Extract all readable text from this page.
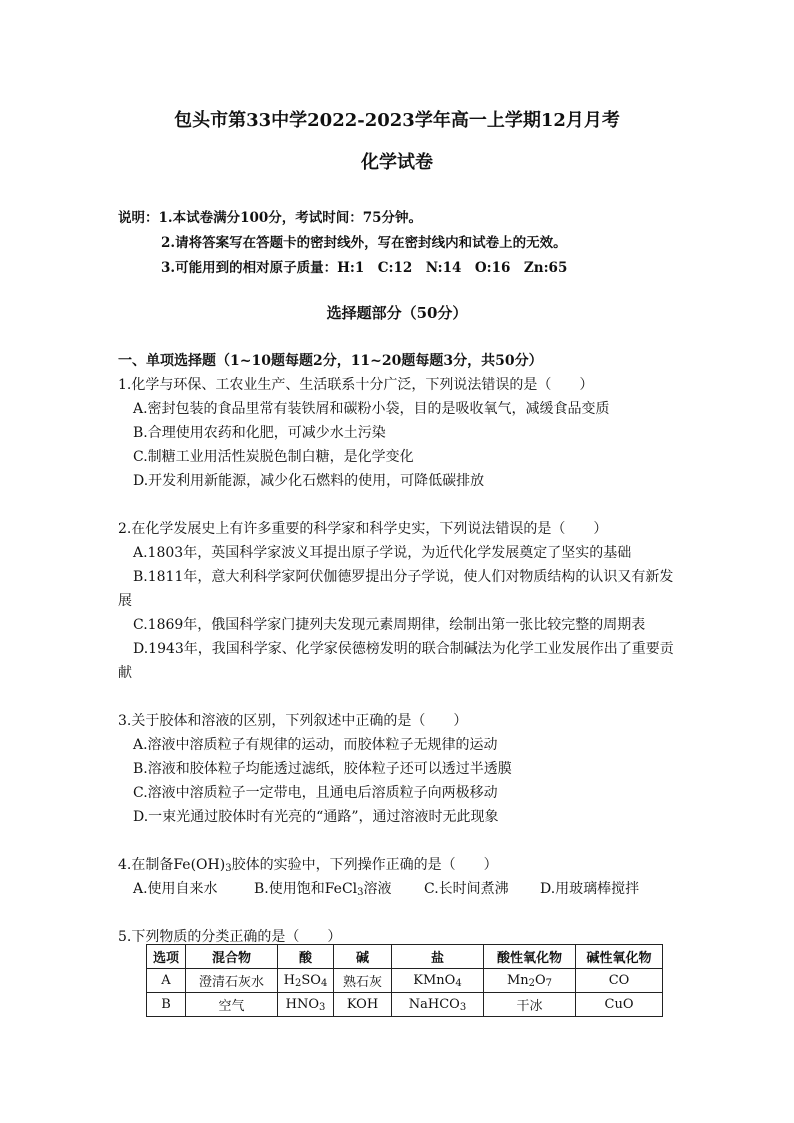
包头市第33中学2022-2023学年高一上学期12月月考
化学试卷
说明：1.本试卷满分100分，考试时间：75分钟。
2.请将答案写在答题卡的密封线外，写在密封线内和试卷上的无效。
3.可能用到的相对原子质量：H:1　C:12　N:14　O:16　Zn:65
选择题部分（50分）
一、单项选择题（1~10题每题2分，11~20题每题3分，共50分）
1.化学与环保、工农业生产、生活联系十分广泛，下列说法错误的是（　　）
A.密封包装的食品里常有装铁屑和碳粉小袋，目的是吸收氧气，减缓食品变质
B.合理使用农药和化肥，可减少水土污染
C.制糖工业用活性炭脱色制白糖，是化学变化
D.开发利用新能源，减少化石燃料的使用，可降低碳排放
2.在化学发展史上有许多重要的科学家和科学史实，下列说法错误的是（　　）
A.1803年，英国科学家波义耳提出原子学说，为近代化学发展奠定了坚实的基础
B.1811年，意大利科学家阿伏伽德罗提出分子学说，使人们对物质结构的认识又有新发
展
C.1869年，俄国科学家门捷列夫发现元素周期律，绘制出第一张比较完整的周期表
D.1943年，我国科学家、化学家侯德榜发明的联合制碱法为化学工业发展作出了重要贡
献
3.关于胶体和溶液的区别，下列叙述中正确的是（　　）
A.溶液中溶质粒子有规律的运动，而胶体粒子无规律的运动
B.溶液和胶体粒子均能透过滤纸，胶体粒子还可以透过半透膜
C.溶液中溶质粒子一定带电，且通电后溶质粒子向两极移动
D.一束光通过胶体时有光亮的“通路”，通过溶液时无此现象
4.在制备$Fe(OH)_3$胶体的实验中，下列操作正确的是（　　）
A.使用自来水	B.使用饱和FeCl$_3$溶液 C.长时间煮沸 D.用玻璃棒搅拌
5.下列物质的分类正确的是（　　）
选项	混合物	酸	碱	盐	酸性氧化物	碱性氧化物
A	澄清石灰水	$H_2SO_4$	熟石灰	KMnO$_4$	$Mn_2O_7$	CO
B	空气	$HNO_3$	KOH	NaHCO$_3$	干冰	CuO
